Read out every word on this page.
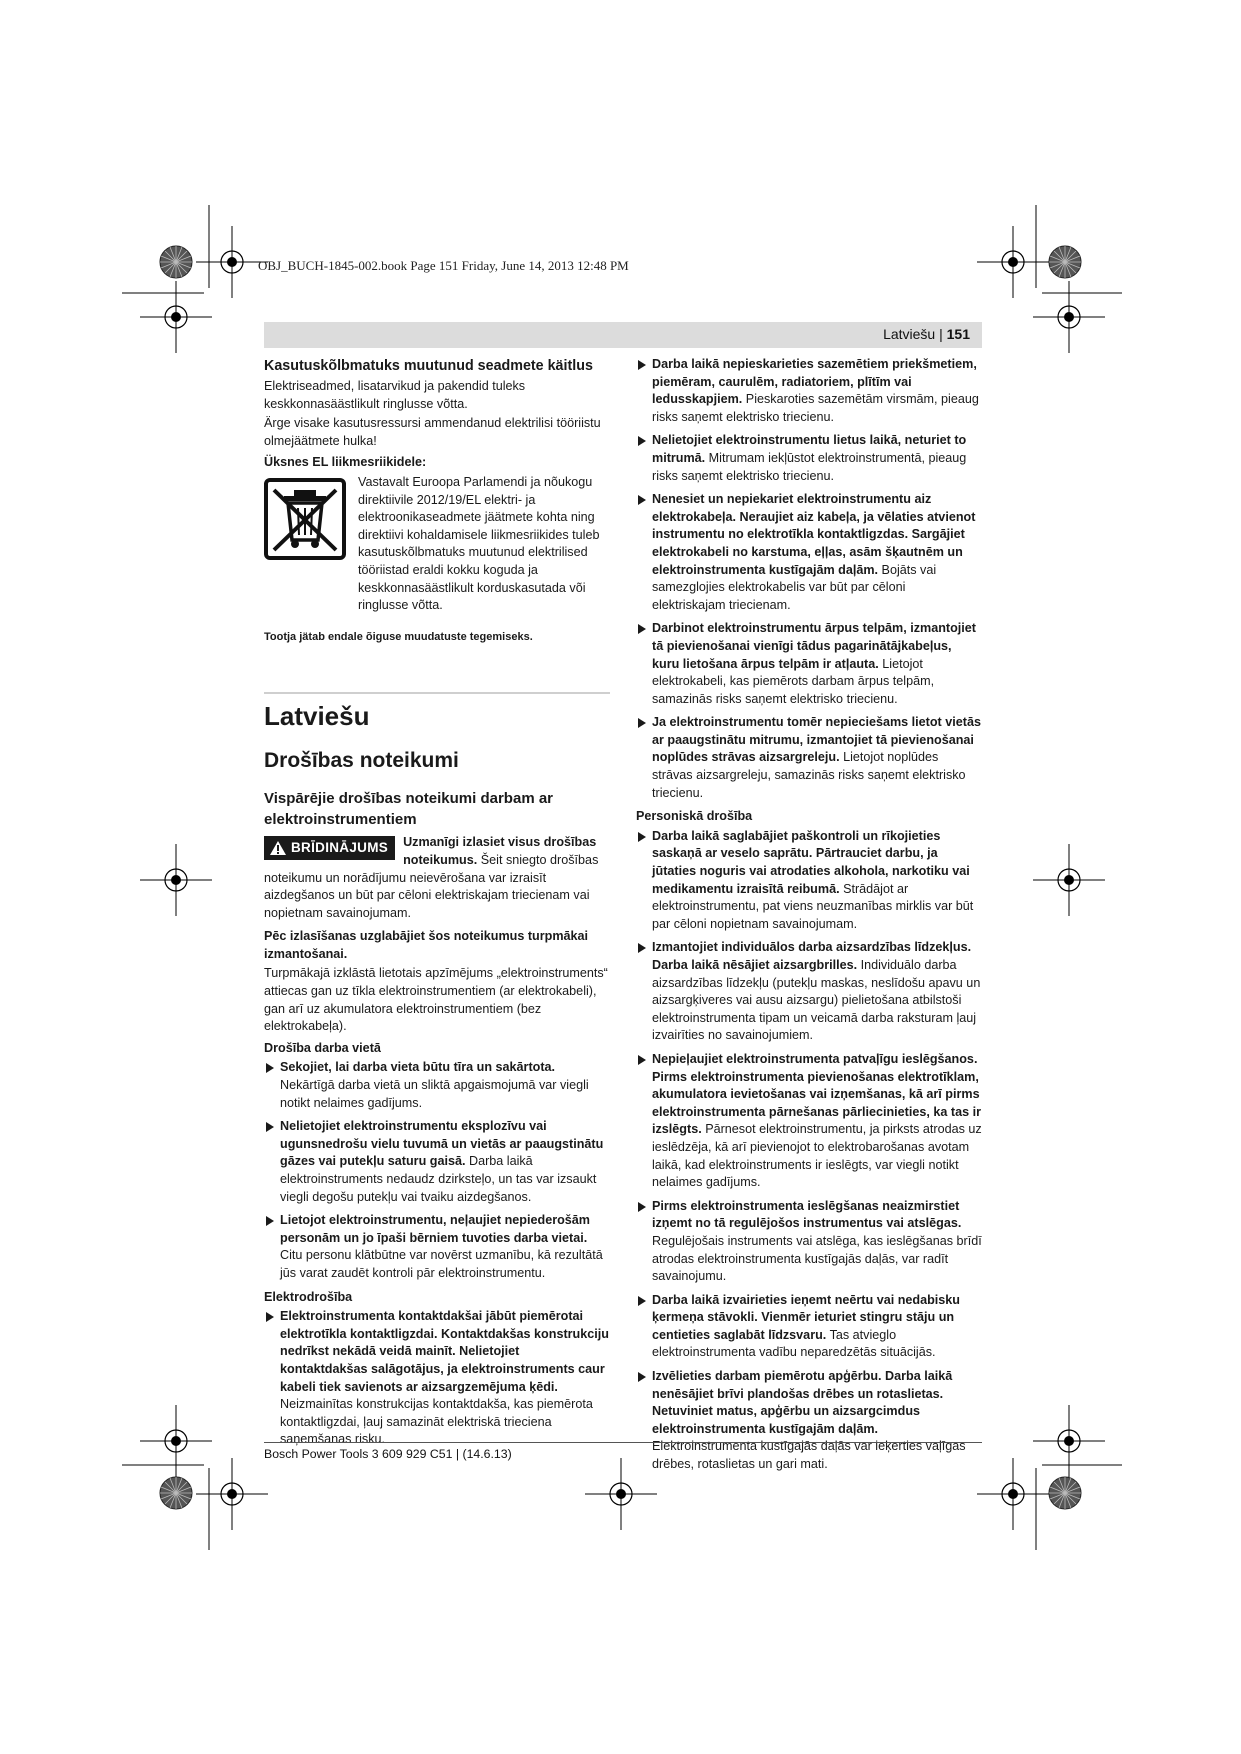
OBJ_BUCH-1845-002.book Page 151 Friday, June 14, 2013 12:48 PM
Latviešu | 151
Kasutuskõlbmatuks muutunud seadmete käitlus

Elektriseadmed, lisatarvikud ja pakendid tuleks keskkonnasäästlikult ringlusse võtta.

Ärge visake kasutusressursi ammendanud elektrilisi tööriistu olmejäätmete hulka!

Üksnes EL liikmesriikidele:
Vastavalt Euroopa Parlamendi ja nõukogu direktiivile 2012/19/EL elektri- ja elektroonikaseadmete jäätmete kohta ning direktiivi kohaldamisele liikmesriikides tuleb kasutuskõlbmatuks muutunud elektrilised tööriistad eraldi kokku koguda ja keskkonnasäästlikult korduskasutada või ringlusse võtta.
Tootja jätab endale õiguse muudatuste tegemiseks.
Latviešu
Drošības noteikumi
Vispārējie drošības noteikumi darbam ar elektroinstrumentiem
BRĪDINĀJUMS Uzmanīgi izlasiet visus drošības noteikumus. Šeit sniegto drošības noteikumu un norādījumu neievērošana var izraisīt aizdegšanos un būt par cēloni elektriskajam triecienam vai nopietnam savainojumam.

Pēc izlasīšanas uzglabājiet šos noteikumus turpmākai izmantošanai.

Turpmākajā izklāstā lietotais apzīmējums „elektroinstruments“ attiecas gan uz tīkla elektroinstrumentiem (ar elektrokabeli), gan arī uz akumulatora elektroinstrumentiem (bez elektrokabeļa).

Drošība darba vietā
Sekojiet, lai darba vieta būtu tīra un sakārtota. Nekārtīgā darba vietā un sliktā apgaismojumā var viegli notikt nelaimes gadījums.
Nelietojiet elektroinstrumentu eksplozīvu vai ugunsnedrošu vielu tuvumā un vietās ar paaugstinātu gāzes vai putekļu saturu gaisā. Darba laikā elektroinstruments nedaudz dzirksteļo, un tas var izsaukt viegli degošu putekļu vai tvaiku aizdegšanos.
Lietojot elektroinstrumentu, neļaujiet nepiederošām personām un jo īpaši bērniem tuvoties darba vietai. Citu personu klātbūtne var novērst uzmanību, kā rezultātā jūs varat zaudēt kontroli pār elektroinstrumentu.
Elektrodrošība
Elektroinstrumenta kontaktdakšai jābūt piemērotai elektrotīkla kontaktligzdai. Kontaktdakšas konstrukciju nedrīkst nekādā veidā mainīt. Nelietojiet kontaktdakšas salāgotājus, ja elektroinstruments caur kabeli tiek savienots ar aizsargzemējuma ķēdi. Neizmainītas konstrukcijas kontaktdakša, kas piemērota kontaktligzdai, ļauj samazināt elektriskā trieciena saņemšanas risku.
Darba laikā nepieskarieties sazemētiem priekšmetiem, piemēram, caurulēm, radiatoriem, plītīm vai ledusskapjiem. Pieskaroties sazemētām virsmām, pieaug risks saņemt elektrisko triecienu.
Nelietojiet elektroinstrumentu lietus laikā, neturiet to mitrumā. Mitrumam iekļūstot elektroinstrumentā, pieaug risks saņemt elektrisko triecienu.
Nenesiet un nepiekariet elektroinstrumentu aiz elektrokabeļa. Neraujiet aiz kabeļa, ja vēlaties atvienot instrumentu no elektrotīkla kontaktligzdas. Sargājiet elektrokabeli no karstuma, eļļas, asām šķautnēm un elektroinstrumenta kustīgajām daļām. Bojāts vai samezglojies elektrokabelis var būt par cēloni elektriskajam triecienam.
Darbinot elektroinstrumentu ārpus telpām, izmantojiet tā pievienošanai vienīgi tādus pagarinātājkabeļus, kuru lietošana ārpus telpām ir atļauta. Lietojot elektrokabeli, kas piemērots darbam ārpus telpām, samazinās risks saņemt elektrisko triecienu.
Ja elektroinstrumentu tomēr nepieciešams lietot vietās ar paaugstinātu mitrumu, izmantojiet tā pievienošanai noplūdes strāvas aizsargreleju. Lietojot noplūdes strāvas aizsargreleju, samazinās risks saņemt elektrisko triecienu.
Personiskā drošība
Darba laikā saglabājiet paškontroli un rīkojieties saskaņā ar veselo saprātu. Pārtrauciet darbu, ja jūtaties noguris vai atrodaties alkohola, narkotiku vai medikamentu izraisītā reibumā. Strādājot ar elektroinstrumentu, pat viens neuzmanības mirklis var būt par cēloni nopietnam savainojumam.
Izmantojiet individuālos darba aizsardzības līdzekļus. Darba laikā nēsājiet aizsargbrilles. Individuālo darba aizsardzības līdzekļu (putekļu maskas, neslīdošu apavu un aizsargķiveres vai ausu aizsargu) pielietošana atbilstoši elektroinstrumenta tipam un veicamā darba raksturam ļauj izvairīties no savainojumiem.
Nepieļaujiet elektroinstrumenta patvaļīgu ieslēgšanos. Pirms elektroinstrumenta pievienošanas elektrotīklam, akumulatora ievietošanas vai izņemšanas, kā arī pirms elektroinstrumenta pārnešanas pārliecinieties, ka tas ir izslēgts. Pārnesot elektroinstrumentu, ja pirksts atrodas uz ieslēdzēja, kā arī pievienojot to elektrobarošanas avotam laikā, kad elektroinstruments ir ieslēgts, var viegli notikt nelaimes gadījums.
Pirms elektroinstrumenta ieslēgšanas neaizmirstiet izņemt no tā regulējošos instrumentus vai atslēgas. Regulējošais instruments vai atslēga, kas ieslēgšanas brīdī atrodas elektroinstrumenta kustīgajās daļās, var radīt savainojumu.
Darba laikā izvairieties ieņemt neērtu vai nedabisku ķermeņa stāvokli. Vienmēr ieturiet stingru stāju un centieties saglabāt līdzsvaru. Tas atvieglo elektroinstrumenta vadību neparedzētās situācijās.
Izvēlieties darbam piemērotu apģērbu. Darba laikā nenēsājiet brīvi plandošas drēbes un rotaslietas. Netuviniet matus, apģērbu un aizsargcimdus elektroinstrumenta kustīgajām daļām. Elektroinstrumenta kustīgajās daļās var ieķerties vaļīgas drēbes, rotaslietas un gari mati.
Bosch Power Tools 3 609 929 C51 | (14.6.13)
